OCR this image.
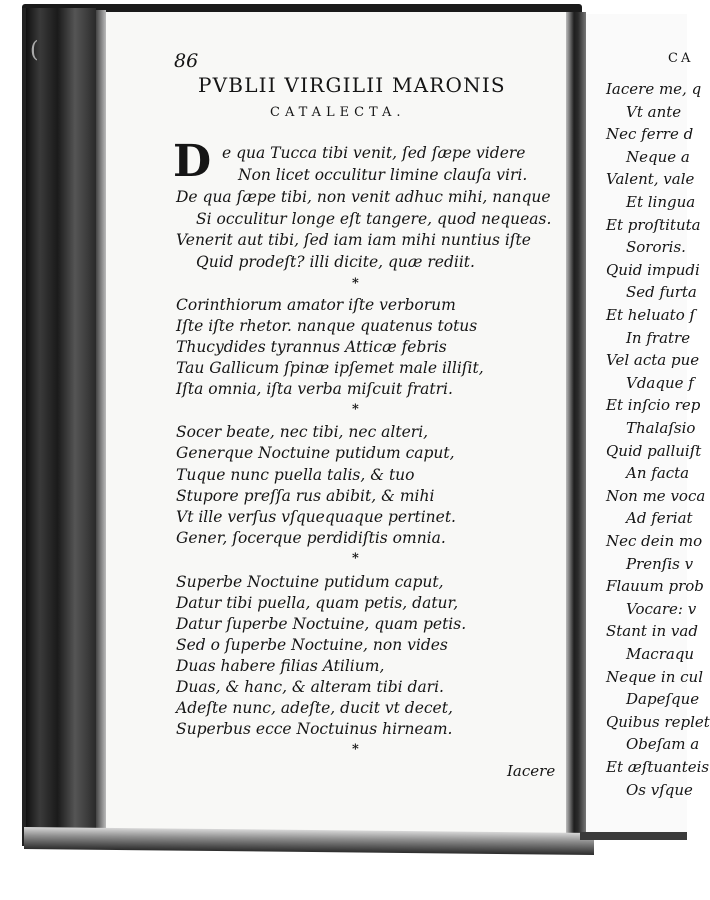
(	CA
Iacere me, q
Vt ante
Nec ferre d
Neque a
Valent, vale
Et lingua
Et proſtituta
Sororis.
Quid impudi
Sed furta
Et heluato ſ
In fratre
Vel acta pue
Vdaque f
Et inſcio rep
Thalaſsio
Quid palluiſt
An facta
Non me voca
Ad feriat
Nec dein mo
Prenſis v
Flauum prob
Vocare: v
Stant in vad
Macraqu
Neque in cul
Dapeſque
Quibus replet
Obeſam a
Et æſtuanteis
Os vſque
86
PVBLII VIRGILII MARONIS
CATALECTA.
D e qua Tucca tibi venit, ſed ſæpe videre
Non licet occulitur limine clauſa viri.
De qua ſæpe tibi, non venit adhuc mihi, nanque
Si occulitur longe eſt tangere, quod nequeas.
Venerit aut tibi, ſed iam iam mihi nuntius iſte
Quid prodeſt? illi dicite, quæ rediit.
*
Corinthiorum amator iſte verborum
Iſte iſte rhetor. nanque quatenus totus
Thucydides tyrannus Atticæ febris
Tau Gallicum ſpinæ ipſemet male illiſit,
Iſta omnia, iſta verba miſcuit fratri.
*
Socer beate, nec tibi, nec alteri,
Generque Noctuine putidum caput,
Tuque nunc puella talis, & tuo
Stupore preſſa rus abibit, & mihi
Vt ille verſus vſquequaque pertinet.
Gener, ſocerque perdidiſtis omnia.
*
Superbe Noctuine putidum caput,
Datur tibi puella, quam petis, datur,
Datur ſuperbe Noctuine, quam petis.
Sed o ſuperbe Noctuine, non vides
Duas habere filias Atilium,
Duas, & hanc, & alteram tibi dari.
Adeſte nunc, adeſte, ducit vt decet,
Superbus ecce Noctuinus hirneam.
*
Iacere
